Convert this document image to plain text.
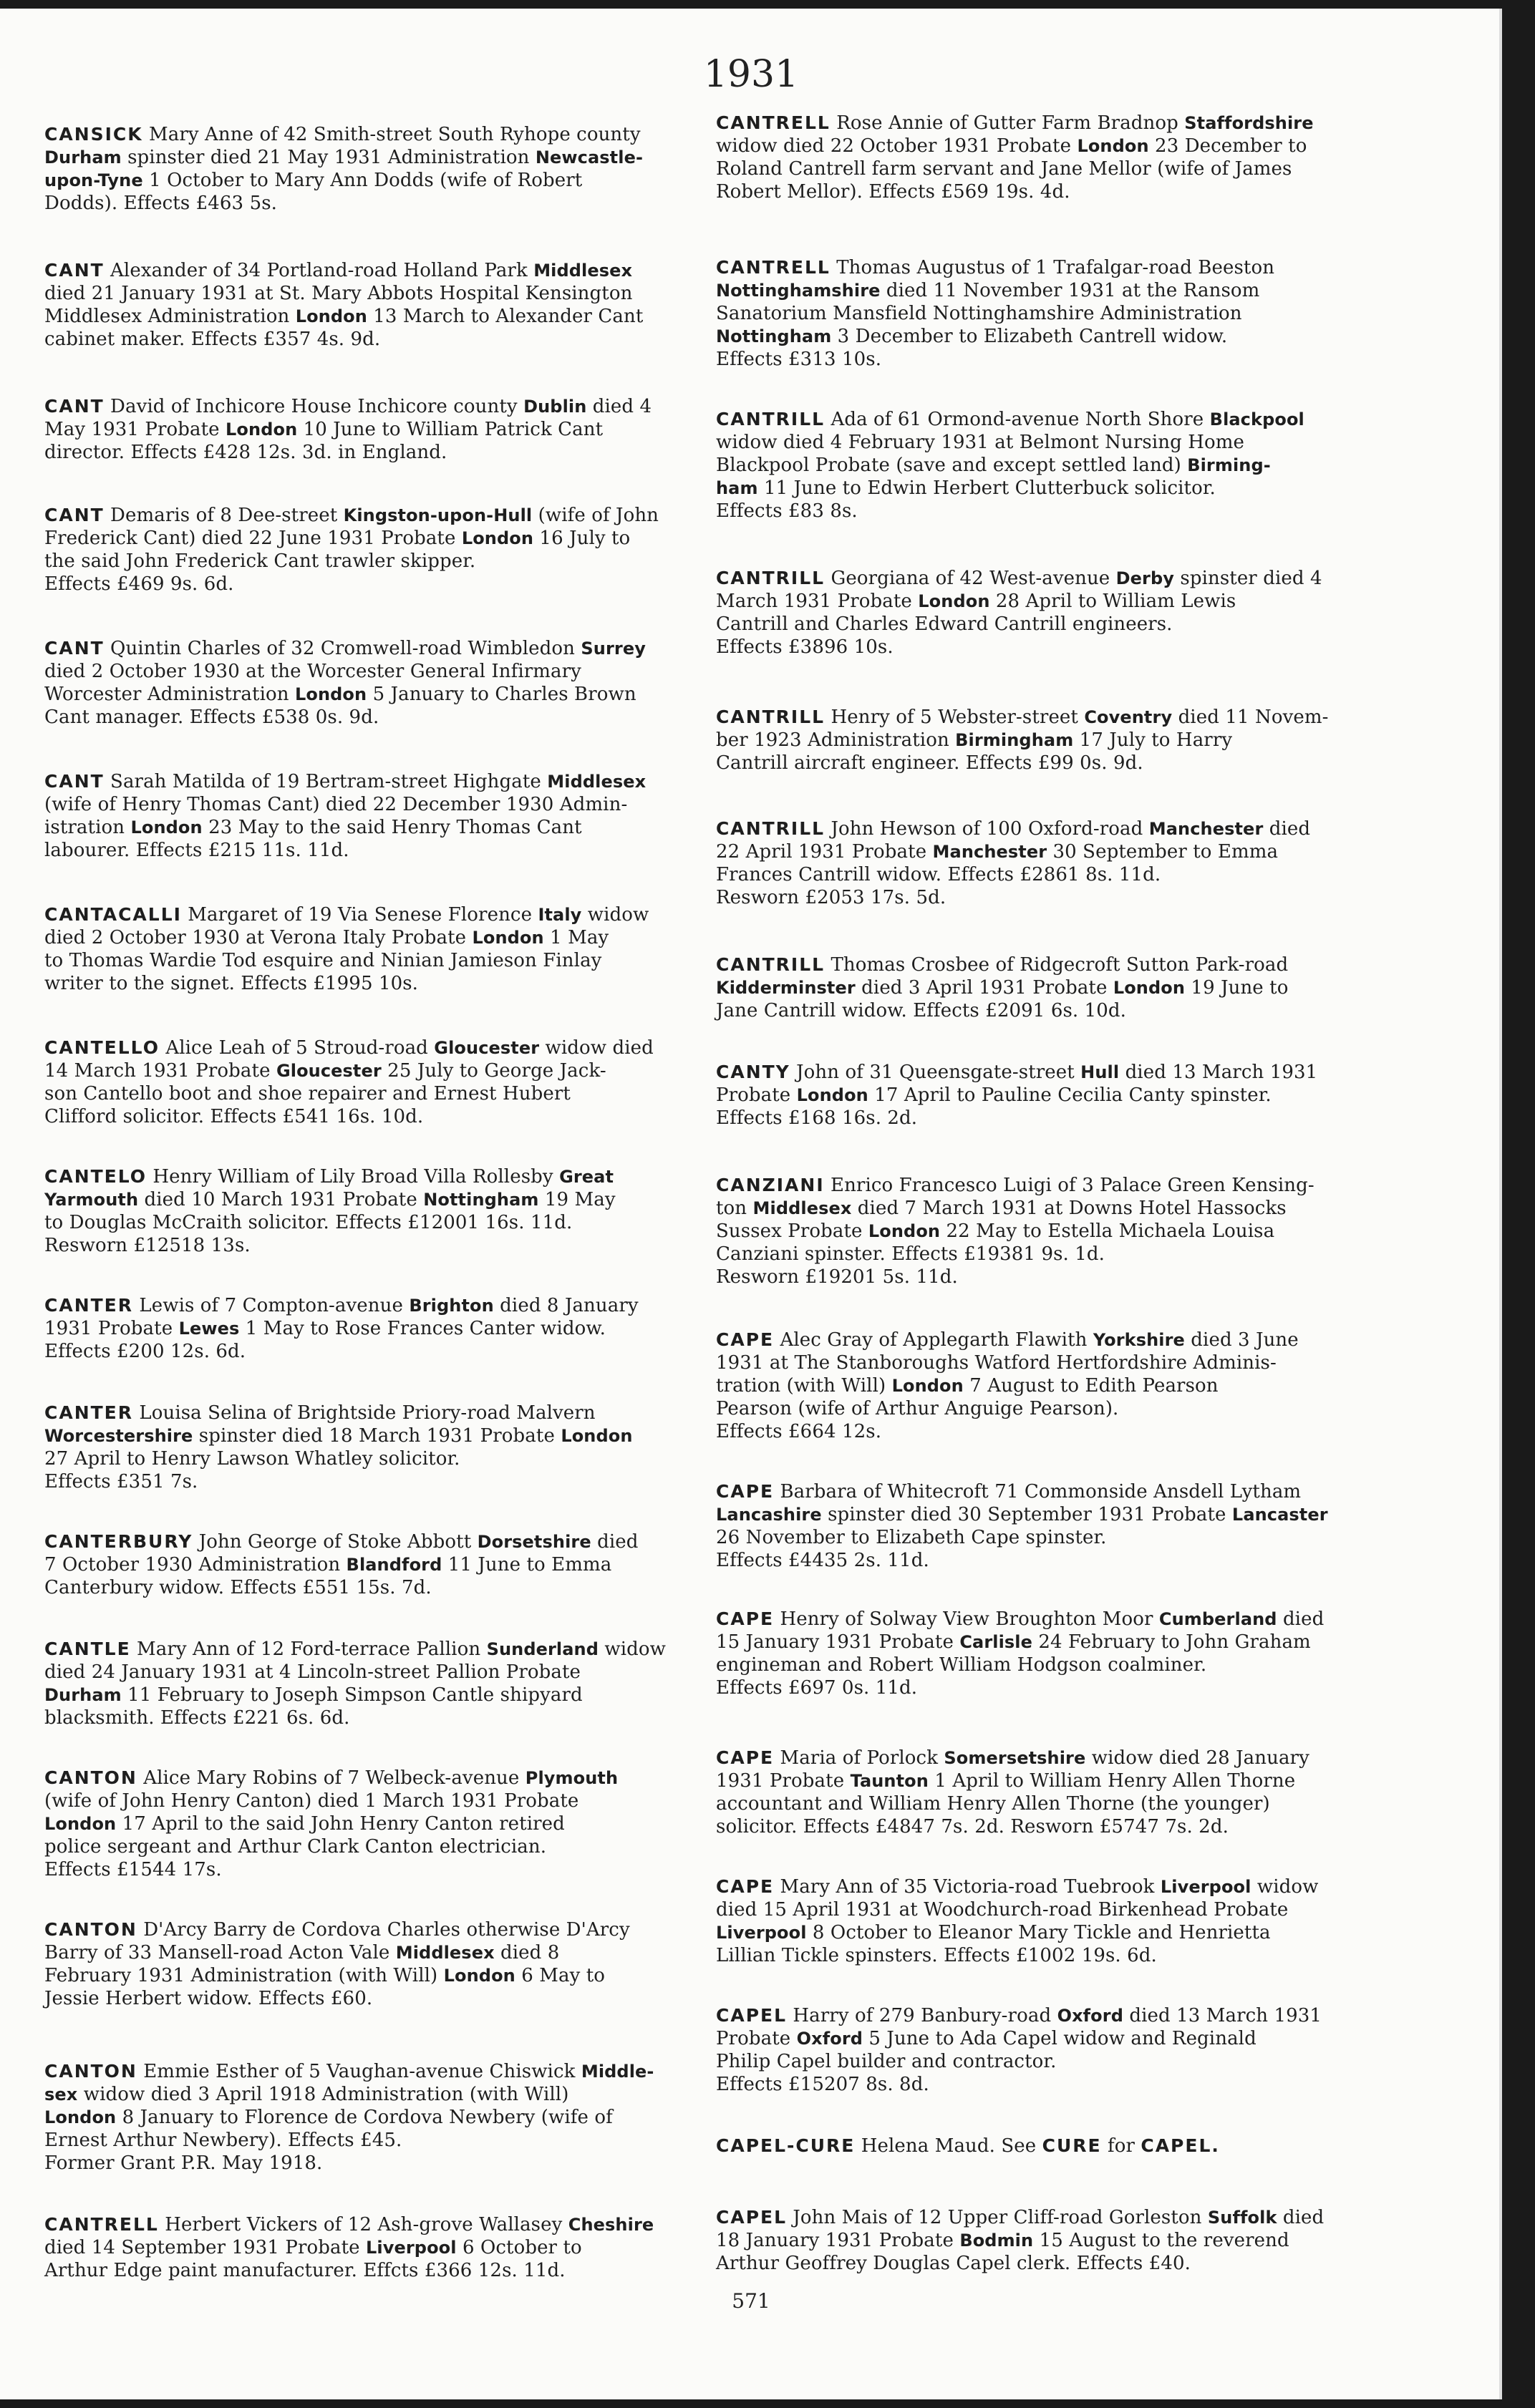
1931

CANSICK Mary Anne of 42 Smith-street South Ryhope county
Durham spinster died 21 May 1931 Administration Newcastle-
upon-Tyne 1 October to Mary Ann Dodds (wife of Robert
Dodds). Effects £463 5s.

CANT Alexander of 34 Portland-road Holland Park Middlesex
died 21 January 1931 at St. Mary Abbots Hospital Kensington
Middlesex Administration London 13 March to Alexander Cant
cabinet maker. Effects £357 4s. 9d.

CANT David of Inchicore House Inchicore county Dublin died 4
May 1931 Probate London 10 June to William Patrick Cant
director. Effects £428 12s. 3d. in England.

CANT Demaris of 8 Dee-street Kingston-upon-Hull (wife of John
Frederick Cant) died 22 June 1931 Probate London 16 July to
the said John Frederick Cant trawler skipper.
Effects £469 9s. 6d.

CANT Quintin Charles of 32 Cromwell-road Wimbledon Surrey
died 2 October 1930 at the Worcester General Infirmary
Worcester Administration London 5 January to Charles Brown
Cant manager. Effects £538 0s. 9d.

CANT Sarah Matilda of 19 Bertram-street Highgate Middlesex
(wife of Henry Thomas Cant) died 22 December 1930 Admin-
istration London 23 May to the said Henry Thomas Cant
labourer. Effects £215 11s. 11d.

CANTACALLI Margaret of 19 Via Senese Florence Italy widow
died 2 October 1930 at Verona Italy Probate London 1 May
to Thomas Wardie Tod esquire and Ninian Jamieson Finlay
writer to the signet. Effects £1995 10s.

CANTELLO Alice Leah of 5 Stroud-road Gloucester widow died
14 March 1931 Probate Gloucester 25 July to George Jack-
son Cantello boot and shoe repairer and Ernest Hubert
Clifford solicitor. Effects £541 16s. 10d.

CANTELO Henry William of Lily Broad Villa Rollesby Great
Yarmouth died 10 March 1931 Probate Nottingham 19 May
to Douglas McCraith solicitor. Effects £12001 16s. 11d.
Resworn £12518 13s.

CANTER Lewis of 7 Compton-avenue Brighton died 8 January
1931 Probate Lewes 1 May to Rose Frances Canter widow.
Effects £200 12s. 6d.

CANTER Louisa Selina of Brightside Priory-road Malvern
Worcestershire spinster died 18 March 1931 Probate London
27 April to Henry Lawson Whatley solicitor.
Effects £351 7s.

CANTERBURY John George of Stoke Abbott Dorsetshire died
7 October 1930 Administration Blandford 11 June to Emma
Canterbury widow. Effects £551 15s. 7d.

CANTLE Mary Ann of 12 Ford-terrace Pallion Sunderland widow
died 24 January 1931 at 4 Lincoln-street Pallion Probate
Durham 11 February to Joseph Simpson Cantle shipyard
blacksmith. Effects £221 6s. 6d.

CANTON Alice Mary Robins of 7 Welbeck-avenue Plymouth
(wife of John Henry Canton) died 1 March 1931 Probate
London 17 April to the said John Henry Canton retired
police sergeant and Arthur Clark Canton electrician.
Effects £1544 17s.

CANTON D'Arcy Barry de Cordova Charles otherwise D'Arcy
Barry of 33 Mansell-road Acton Vale Middlesex died 8
February 1931 Administration (with Will) London 6 May to
Jessie Herbert widow. Effects £60.

CANTON Emmie Esther of 5 Vaughan-avenue Chiswick Middle-
sex widow died 3 April 1918 Administration (with Will)
London 8 January to Florence de Cordova Newbery (wife of
Ernest Arthur Newbery). Effects £45.
Former Grant P.R. May 1918.

CANTRELL Herbert Vickers of 12 Ash-grove Wallasey Cheshire
died 14 September 1931 Probate Liverpool 6 October to
Arthur Edge paint manufacturer. Effcts £366 12s. 11d.

CANTRELL Rose Annie of Gutter Farm Bradnop Staffordshire
widow died 22 October 1931 Probate London 23 December to
Roland Cantrell farm servant and Jane Mellor (wife of James
Robert Mellor). Effects £569 19s. 4d.

CANTRELL Thomas Augustus of 1 Trafalgar-road Beeston
Nottinghamshire died 11 November 1931 at the Ransom
Sanatorium Mansfield Nottinghamshire Administration
Nottingham 3 December to Elizabeth Cantrell widow.
Effects £313 10s.

CANTRILL Ada of 61 Ormond-avenue North Shore Blackpool
widow died 4 February 1931 at Belmont Nursing Home
Blackpool Probate (save and except settled land) Birming-
ham 11 June to Edwin Herbert Clutterbuck solicitor.
Effects £83 8s.

CANTRILL Georgiana of 42 West-avenue Derby spinster died 4
March 1931 Probate London 28 April to William Lewis
Cantrill and Charles Edward Cantrill engineers.
Effects £3896 10s.

CANTRILL Henry of 5 Webster-street Coventry died 11 Novem-
ber 1923 Administration Birmingham 17 July to Harry
Cantrill aircraft engineer. Effects £99 0s. 9d.

CANTRILL John Hewson of 100 Oxford-road Manchester died
22 April 1931 Probate Manchester 30 September to Emma
Frances Cantrill widow. Effects £2861 8s. 11d.
Resworn £2053 17s. 5d.

CANTRILL Thomas Crosbee of Ridgecroft Sutton Park-road
Kidderminster died 3 April 1931 Probate London 19 June to
Jane Cantrill widow. Effects £2091 6s. 10d.

CANTY John of 31 Queensgate-street Hull died 13 March 1931
Probate London 17 April to Pauline Cecilia Canty spinster.
Effects £168 16s. 2d.

CANZIANI Enrico Francesco Luigi of 3 Palace Green Kensing-
ton Middlesex died 7 March 1931 at Downs Hotel Hassocks
Sussex Probate London 22 May to Estella Michaela Louisa
Canziani spinster. Effects £19381 9s. 1d.
Resworn £19201 5s. 11d.

CAPE Alec Gray of Applegarth Flawith Yorkshire died 3 June
1931 at The Stanboroughs Watford Hertfordshire Adminis-
tration (with Will) London 7 August to Edith Pearson
Pearson (wife of Arthur Anguige Pearson).
Effects £664 12s.

CAPE Barbara of Whitecroft 71 Commonside Ansdell Lytham
Lancashire spinster died 30 September 1931 Probate Lancaster
26 November to Elizabeth Cape spinster.
Effects £4435 2s. 11d.

CAPE Henry of Solway View Broughton Moor Cumberland died
15 January 1931 Probate Carlisle 24 February to John Graham
engineman and Robert William Hodgson coalminer.
Effects £697 0s. 11d.

CAPE Maria of Porlock Somersetshire widow died 28 January
1931 Probate Taunton 1 April to William Henry Allen Thorne
accountant and William Henry Allen Thorne (the younger)
solicitor. Effects £4847 7s. 2d. Resworn £5747 7s. 2d.

CAPE Mary Ann of 35 Victoria-road Tuebrook Liverpool widow
died 15 April 1931 at Woodchurch-road Birkenhead Probate
Liverpool 8 October to Eleanor Mary Tickle and Henrietta
Lillian Tickle spinsters. Effects £1002 19s. 6d.

CAPEL Harry of 279 Banbury-road Oxford died 13 March 1931
Probate Oxford 5 June to Ada Capel widow and Reginald
Philip Capel builder and contractor.
Effects £15207 8s. 8d.

CAPEL-CURE Helena Maud. See CURE for CAPEL.

CAPEL John Mais of 12 Upper Cliff-road Gorleston Suffolk died
18 January 1931 Probate Bodmin 15 August to the reverend
Arthur Geoffrey Douglas Capel clerk. Effects £40.

571
